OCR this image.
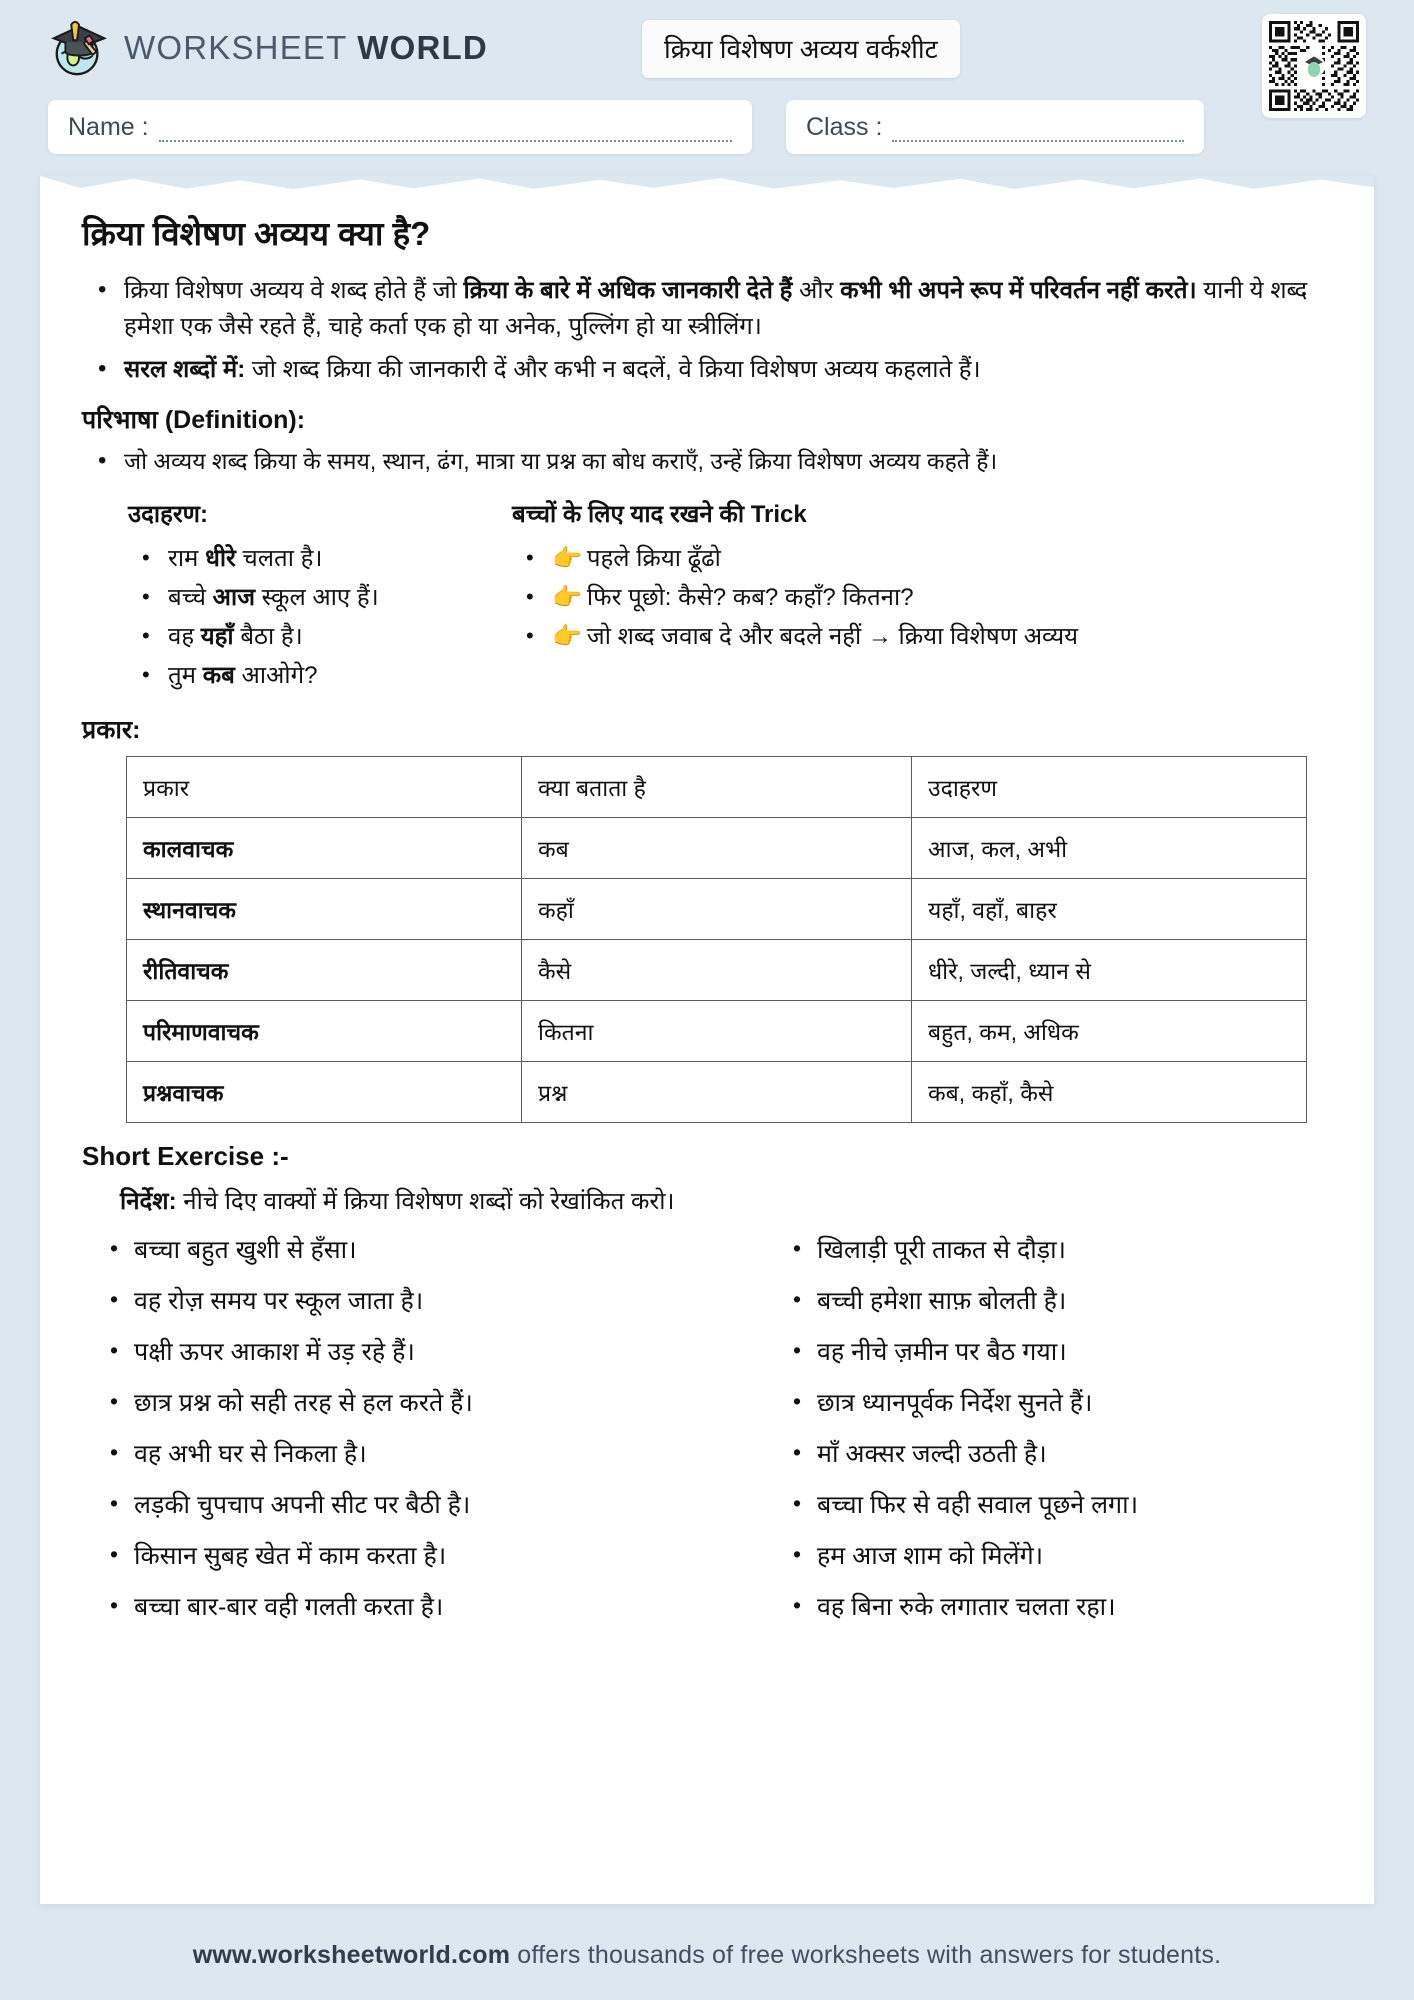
WORKSHEET WORLD	क्रिया विशेषण अव्यय वर्कशीट
Name :	Class :
क्रिया विशेषण अव्यय क्या है?
• क्रिया विशेषण अव्यय वे शब्द होते हैं जो क्रिया के बारे में अधिक जानकारी देते हैं और कभी भी अपने रूप में परिवर्तन नहीं करते। यानी ये शब्द हमेशा एक जैसे रहते हैं, चाहे कर्ता एक हो या अनेक, पुल्लिंग हो या स्त्रीलिंग।
• सरल शब्दों में: जो शब्द क्रिया की जानकारी दें और कभी न बदलें, वे क्रिया विशेषण अव्यय कहलाते हैं।
परिभाषा (Definition):
• जो अव्यय शब्द क्रिया के समय, स्थान, ढंग, मात्रा या प्रश्न का बोध कराएँ, उन्हें क्रिया विशेषण अव्यय कहते हैं।
उदाहरण:
• राम धीरे चलता है।
• बच्चे आज स्कूल आए हैं।
• वह यहाँ बैठा है।
• तुम कब आओगे?
बच्चों के लिए याद रखने की Trick
• 👉 पहले क्रिया ढूँढो
• 👉 फिर पूछो: कैसे? कब? कहाँ? कितना?
• 👉 जो शब्द जवाब दे और बदले नहीं → क्रिया विशेषण अव्यय
प्रकार:
प्रकार	क्या बताता है	उदाहरण
कालवाचक	कब	आज, कल, अभी
स्थानवाचक	कहाँ	यहाँ, वहाँ, बाहर
रीतिवाचक	कैसे	धीरे, जल्दी, ध्यान से
परिमाणवाचक	कितना	बहुत, कम, अधिक
प्रश्नवाचक	प्रश्न	कब, कहाँ, कैसे
Short Exercise :-
निर्देश: नीचे दिए वाक्यों में क्रिया विशेषण शब्दों को रेखांकित करो।
• बच्चा बहुत खुशी से हँसा।
• वह रोज़ समय पर स्कूल जाता है।
• पक्षी ऊपर आकाश में उड़ रहे हैं।
• छात्र प्रश्न को सही तरह से हल करते हैं।
• वह अभी घर से निकला है।
• लड़की चुपचाप अपनी सीट पर बैठी है।
• किसान सुबह खेत में काम करता है।
• बच्चा बार-बार वही गलती करता है।
• खिलाड़ी पूरी ताकत से दौड़ा।
• बच्ची हमेशा साफ़ बोलती है।
• वह नीचे ज़मीन पर बैठ गया।
• छात्र ध्यानपूर्वक निर्देश सुनते हैं।
• माँ अक्सर जल्दी उठती है।
• बच्चा फिर से वही सवाल पूछने लगा।
• हम आज शाम को मिलेंगे।
• वह बिना रुके लगातार चलता रहा।
www.worksheetworld.com offers thousands of free worksheets with answers for students.
